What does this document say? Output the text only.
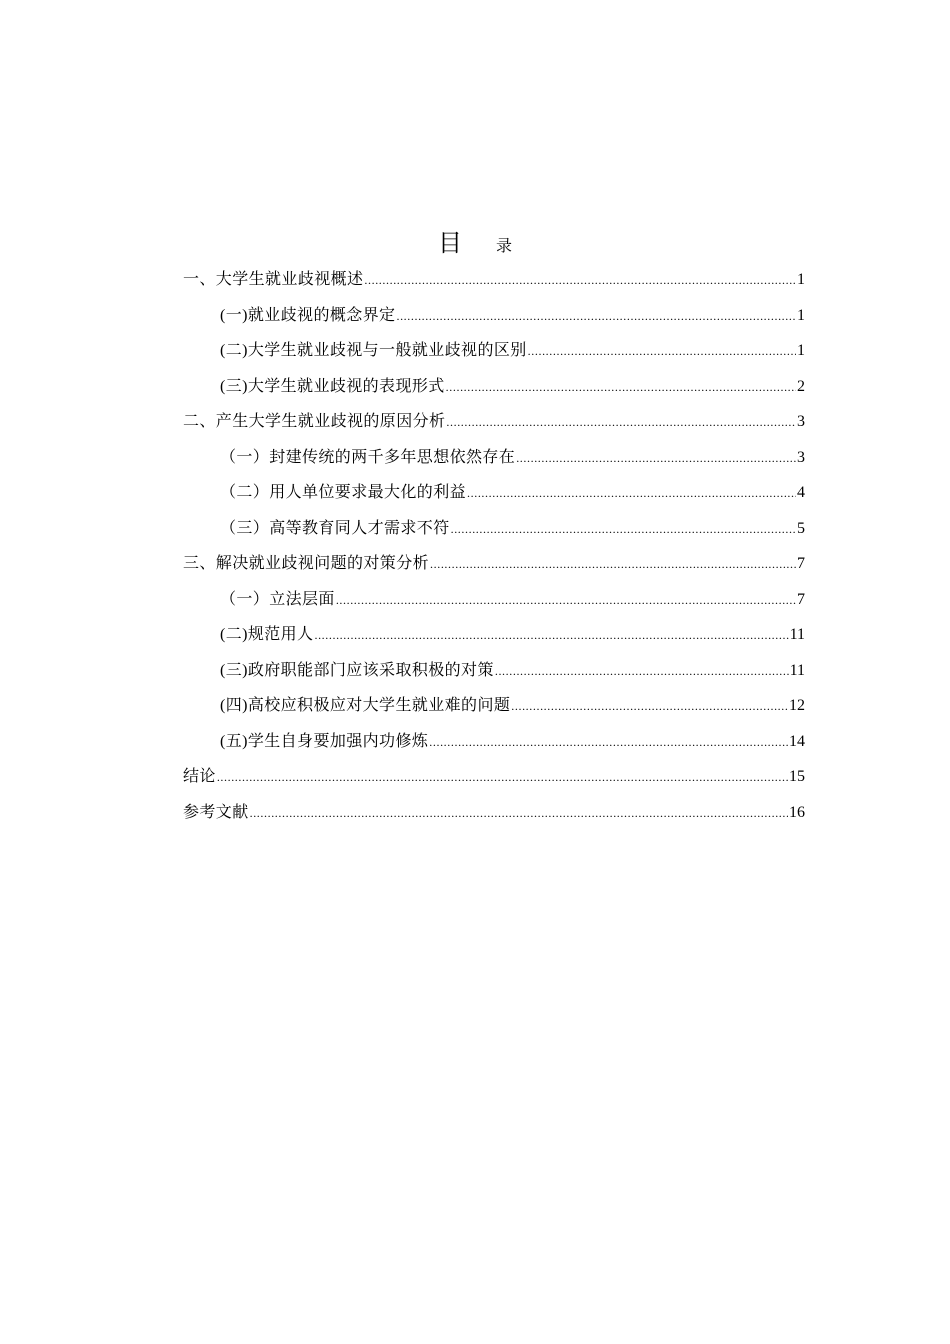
目 录
一、大学生就业歧视概述 .....	1
(一)就业歧视的概念界定 .....	1
(二)大学生就业歧视与一般就业歧视的区别 .....	1
(三)大学生就业歧视的表现形式 .....	2
二、产生大学生就业歧视的原因分析 .....	3
（一）封建传统的两千多年思想依然存在 .....	3
（二）用人单位要求最大化的利益 .....	4
（三）高等教育同人才需求不符 .....	5
三、解决就业歧视问题的对策分析 .....	7
（一）立法层面 .....	7
(二)规范用人 .....	11
(三)政府职能部门应该采取积极的对策 .....	11
(四)高校应积极应对大学生就业难的问题 .....	12
(五)学生自身要加强内功修炼 .....	14
结论 .....	15
参考文献 .....	16
